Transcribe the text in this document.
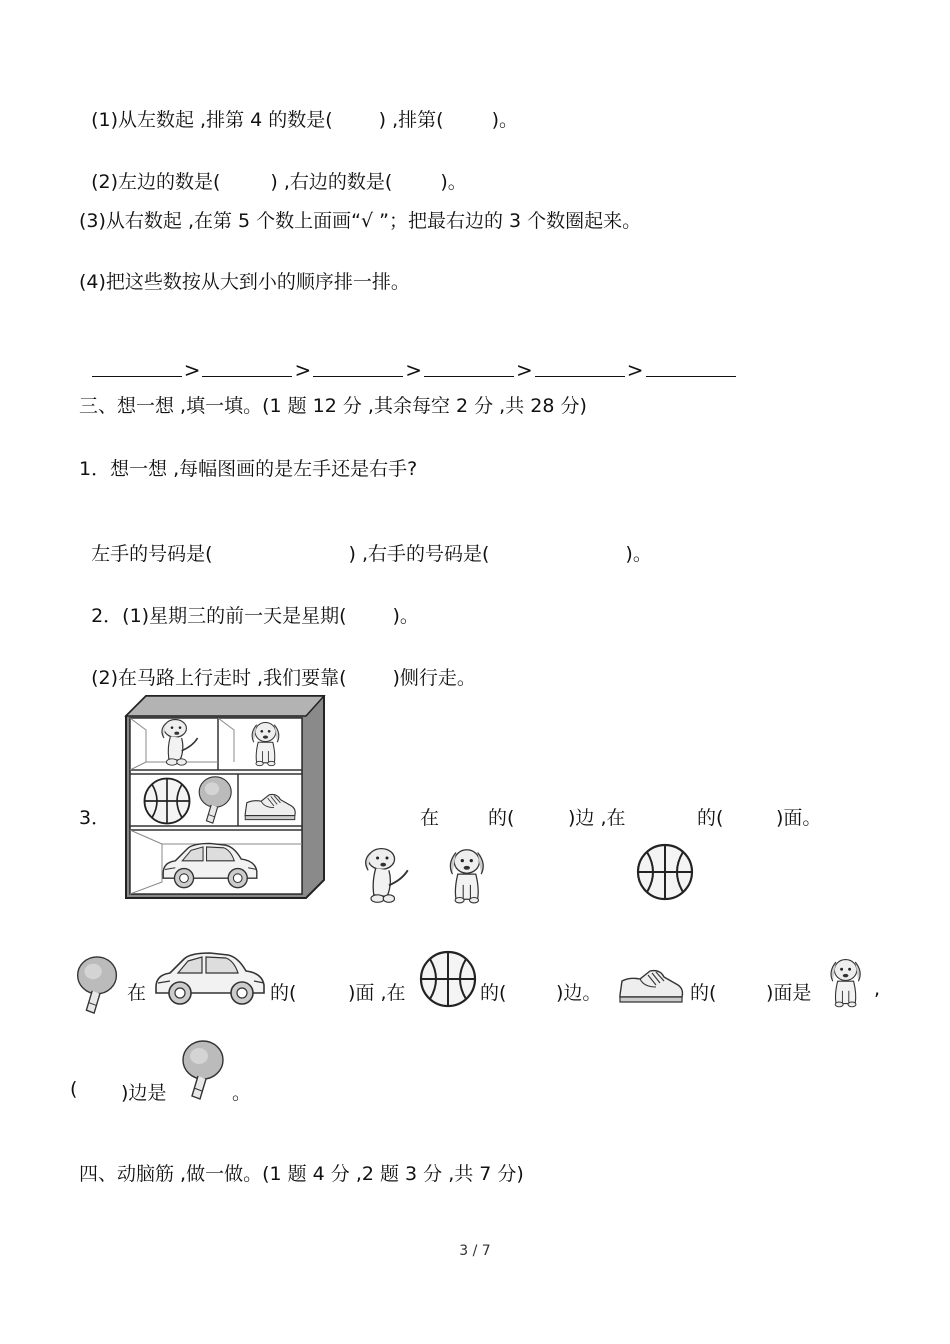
(1)从左数起 ,排第 4 的数是( ) ,排第(	)。

(2)左边的数是(	) ,右边的数是(	)。

(3)从右数起 ,在第 5 个数上面画“√ ”；把最右边的 3 个数圈起来。
(4)把这些数按从大到小的顺序排一排。

>	>	>	>	>

三、想一想 ,填一填。(1 题 12 分 ,其余每空 2 分 ,共 28 分)
1．想一想 ,每幅图画的是左手还是右手?

左手的号码是(	) ,右手的号码是(	)。

2．(1)星期三的前一天是星期( )。

(2)在马路上行走时 ,我们要靠( )侧行走。

3．	在	的(	)边 ,在	的(	)面。
在	的(	)面 ,在	的(	)边。	的(	)面是	,
( )边是	。
四、动脑筋 ,做一做。(1 题 4 分 ,2 题 3 分 ,共 7 分)
3 / 7
